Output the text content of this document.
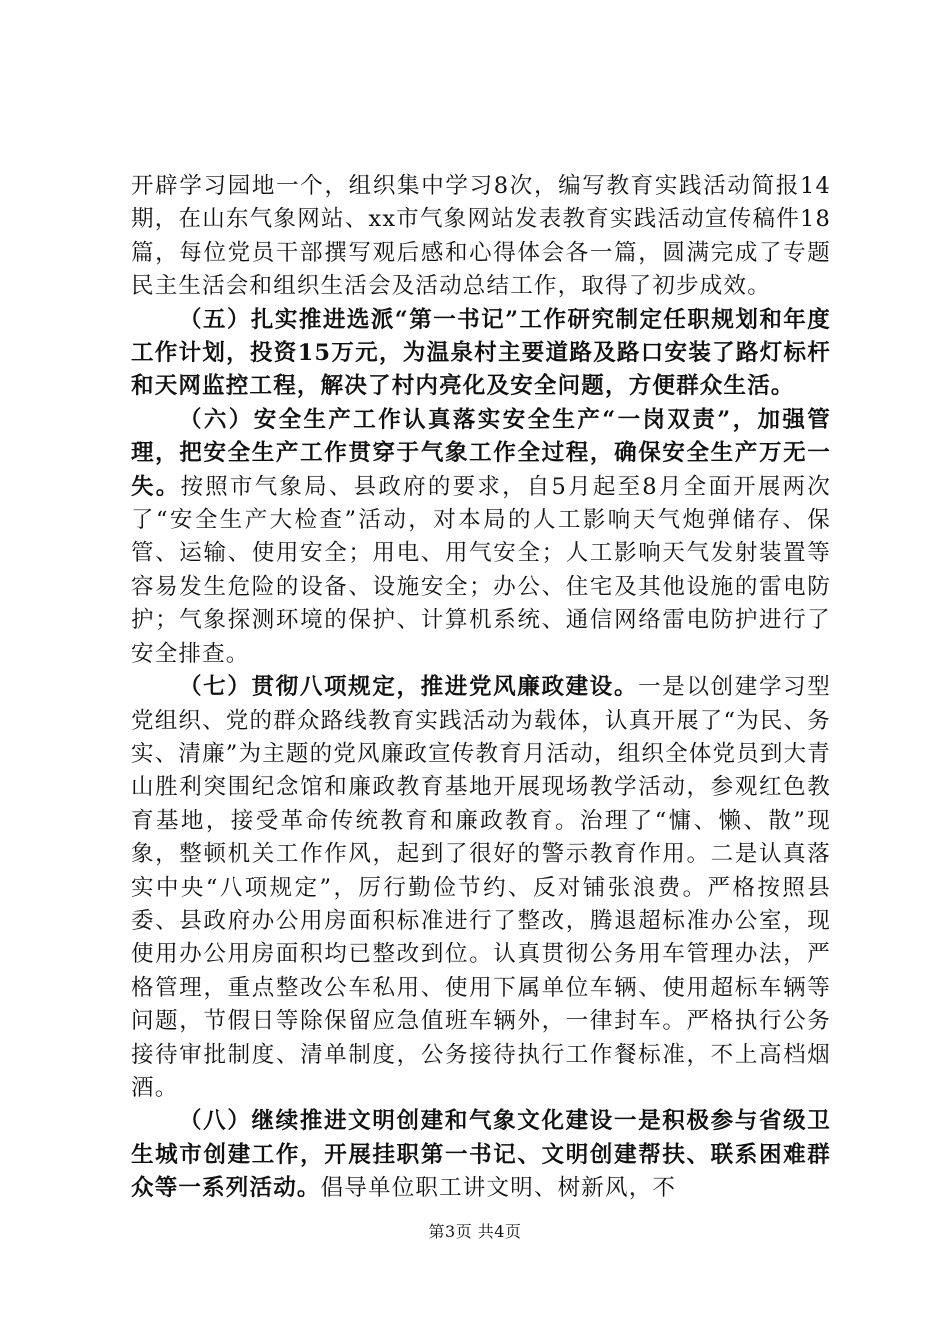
开辟学习园地一个，组织集中学习8次，编写教育实践活动简报14期，在山东气象网站、xx市气象网站发表教育实践活动宣传稿件18篇，每位党员干部撰写观后感和心得体会各一篇，圆满完成了专题民主生活会和组织生活会及活动总结工作，取得了初步成效。

（五）扎实推进选派“第一书记”工作研究制定任职规划和年度工作计划，投资15万元，为温泉村主要道路及路口安装了路灯标杆和天网监控工程，解决了村内亮化及安全问题，方便群众生活。

（六）安全生产工作认真落实安全生产“一岗双责”，加强管理，把安全生产工作贯穿于气象工作全过程，确保安全生产万无一失。按照市气象局、县政府的要求，自5月起至8月全面开展两次了“安全生产大检查”活动，对本局的人工影响天气炮弹储存、保管、运输、使用安全；用电、用气安全；人工影响天气发射装置等容易发生危险的设备、设施安全；办公、住宅及其他设施的雷电防护；气象探测环境的保护、计算机系统、通信网络雷电防护进行了安全排查。

（七）贯彻八项规定，推进党风廉政建设。一是以创建学习型党组织、党的群众路线教育实践活动为载体，认真开展了“为民、务实、清廉”为主题的党风廉政宣传教育月活动，组织全体党员到大青山胜利突围纪念馆和廉政教育基地开展现场教学活动，参观红色教育基地，接受革命传统教育和廉政教育。治理了“慵、懒、散”现象，整顿机关工作作风，起到了很好的警示教育作用。二是认真落实中央“八项规定”，厉行勤俭节约、反对铺张浪费。严格按照县委、县政府办公用房面积标准进行了整改，腾退超标准办公室，现使用办公用房面积均已整改到位。认真贯彻公务用车管理办法，严格管理，重点整改公车私用、使用下属单位车辆、使用超标车辆等问题，节假日等除保留应急值班车辆外，一律封车。严格执行公务接待审批制度、清单制度，公务接待执行工作餐标准，不上高档烟酒。

（八）继续推进文明创建和气象文化建设一是积极参与省级卫生城市创建工作，开展挂职第一书记、文明创建帮扶、联系困难群众等一系列活动。倡导单位职工讲文明、树新风，不

第3页 共4页
